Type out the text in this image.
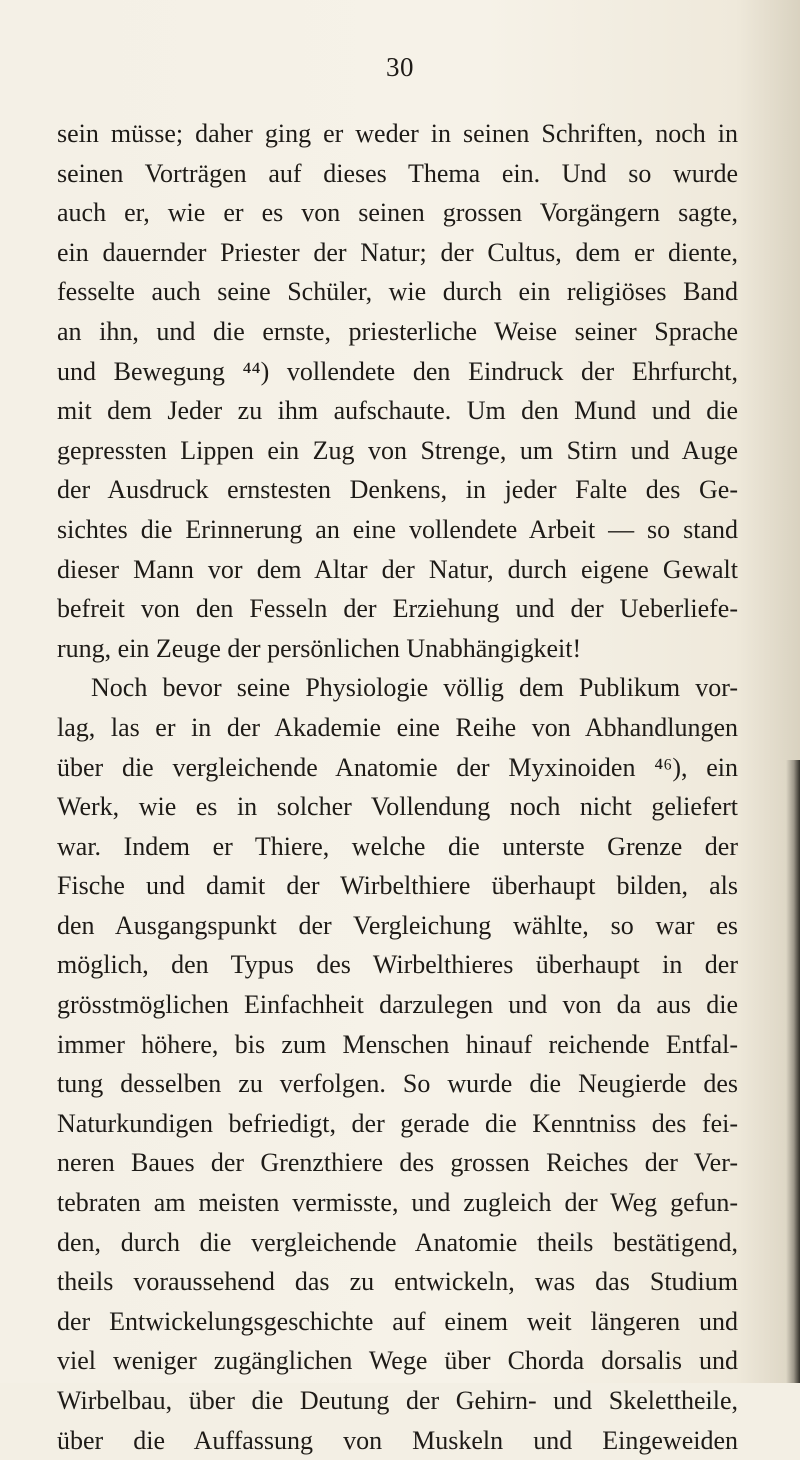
30
sein müsse; daher ging er weder in seinen Schriften, noch in
seinen Vorträgen auf dieses Thema ein. Und so wurde
auch er, wie er es von seinen grossen Vorgängern sagte,
ein dauernder Priester der Natur; der Cultus, dem er diente,
fesselte auch seine Schüler, wie durch ein religiöses Band
an ihn, und die ernste, priesterliche Weise seiner Sprache
und Bewegung ⁴⁴) vollendete den Eindruck der Ehrfurcht,
mit dem Jeder zu ihm aufschaute. Um den Mund und die
gepressten Lippen ein Zug von Strenge, um Stirn und Auge
der Ausdruck ernstesten Denkens, in jeder Falte des Ge-
sichtes die Erinnerung an eine vollendete Arbeit — so stand
dieser Mann vor dem Altar der Natur, durch eigene Gewalt
befreit von den Fesseln der Erziehung und der Ueberliefe-
rung, ein Zeuge der persönlichen Unabhängigkeit!
Noch bevor seine Physiologie völlig dem Publikum vor-
lag, las er in der Akademie eine Reihe von Abhandlungen
über die vergleichende Anatomie der Myxinoiden ⁴⁶), ein
Werk, wie es in solcher Vollendung noch nicht geliefert
war. Indem er Thiere, welche die unterste Grenze der
Fische und damit der Wirbelthiere überhaupt bilden, als
den Ausgangspunkt der Vergleichung wählte, so war es
möglich, den Typus des Wirbelthieres überhaupt in der
grösstmöglichen Einfachheit darzulegen und von da aus die
immer höhere, bis zum Menschen hinauf reichende Entfal-
tung desselben zu verfolgen. So wurde die Neugierde des
Naturkundigen befriedigt, der gerade die Kenntniss des fei-
neren Baues der Grenzthiere des grossen Reiches der Ver-
tebraten am meisten vermisste, und zugleich der Weg gefun-
den, durch die vergleichende Anatomie theils bestätigend,
theils voraussehend das zu entwickeln, was das Studium
der Entwickelungsgeschichte auf einem weit längeren und
viel weniger zugänglichen Wege über Chorda dorsalis und
Wirbelbau, über die Deutung der Gehirn- und Skelettheile,
über die Auffassung von Muskeln und Eingeweiden
